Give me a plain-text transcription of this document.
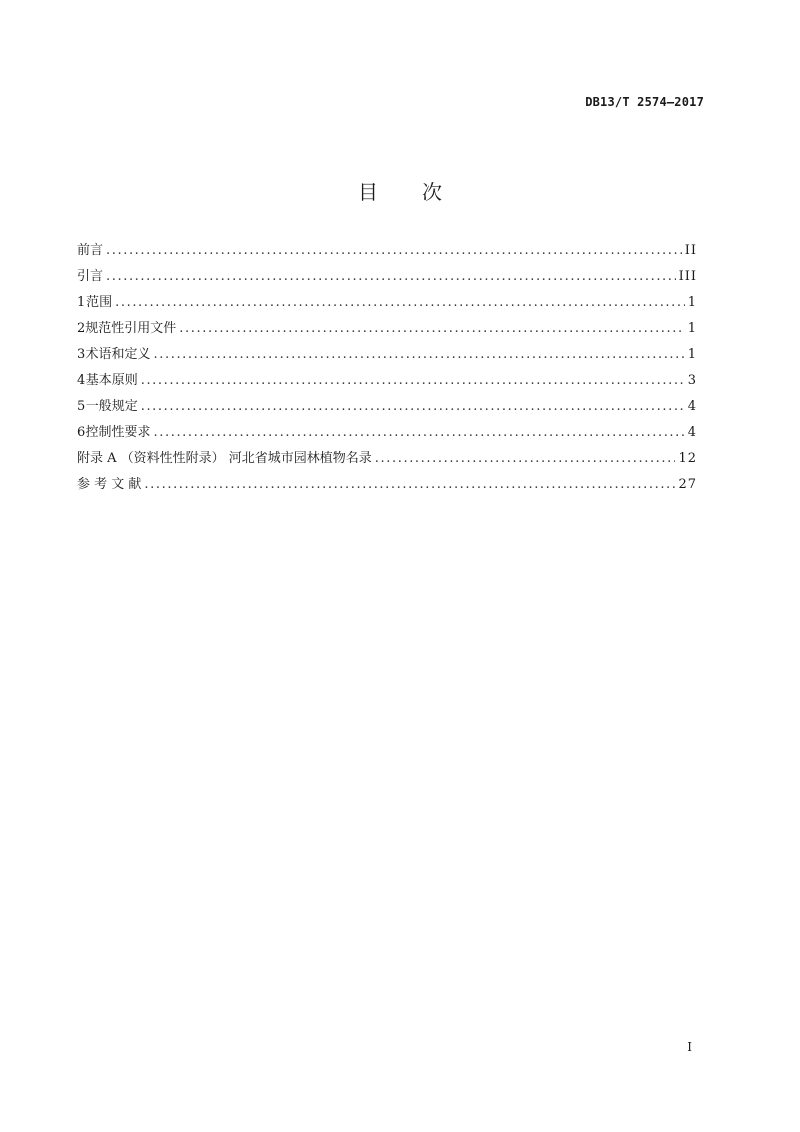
DB13/T 2574—2017
目 次
前言 .....	II
引言 .....	III
1 范围 .....	1
2 规范性引用文件 .....	1
3 术语和定义 .....	1
4 基本原则 .....	3
5 一般规定 .....	4
6 控制性要求 .....	4
附录 A （资料性性附录） 河北省城市园林植物名录 .....	12
参 考 文 献 .....	27
I
